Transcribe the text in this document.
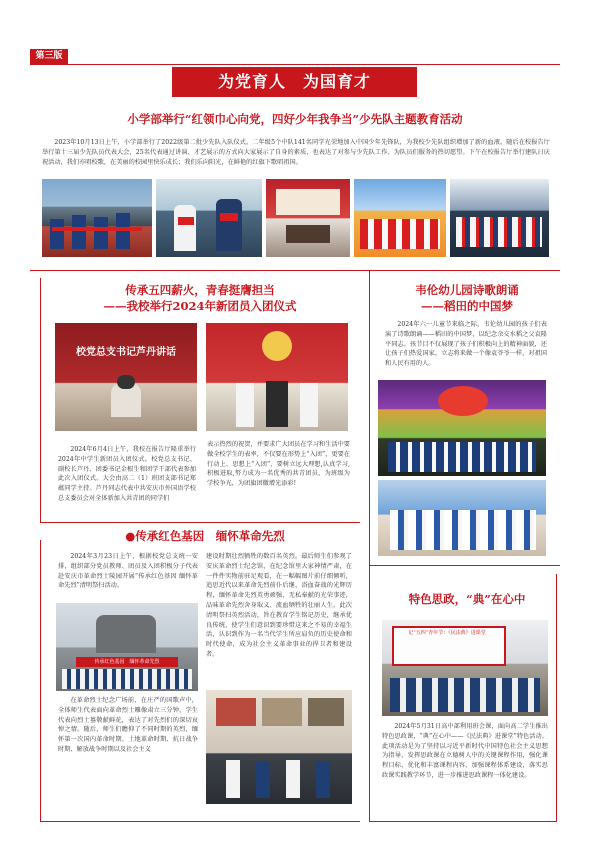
第三版
为党育人　为国育才
小学部举行“红领巾心向党，四好少年我争当”少先队主题教育活动

2023年10月13日上午，小学部举行了2022级第二批少先队入队仪式。二年级5个中队141名同学光荣地加入中国少年先锋队，为我校少先队组织增加了新的血液。随后在校报告厅举行第十三届少先队员代表大会，25名代表通过讲演、才艺展示的方式向大家展示了自身的素质，也表达了对参与少先队工作、为队员们服务的热切愿望。下午在校报告厅举行建队日庆祝活动，我们亦唱校歌，在美丽的校园里快乐成长；我们乐向阳光，在鲜艳的红旗下歌唱祖国。

传承五四薪火，青春挺膺担当
——我校举行2024年新团员入团仪式
校党总支书记芦丹讲话

2024年6月4日上午，我校在报告厅隆重举行2024年中学生新团员入团仪式。校党总支书记、副校长芦丹、团委书记金根生和团学干部代表参加此次入团仪式。大会由高二（1）班团支部书记郑蕴同学主持。芦丹同志代表中共安庆市外国语学校总支委员会对全体新加入共青团的同学们

表示热烈的祝贺，并要求广大团员在学习和生活中要做全校学生的表率，不仅要在形势上“入团”，更要在行动上、思想上“入团”，要树立远大理想,认真学习,积极进取,努力成为一名优秀的共青团员，为班级为学校争光，为团旗团徽增光添彩!

●传承红色基因　缅怀革命先烈

2024年3月23日上午，根据校党总支统一安排，组织部分党员教师、团员及入团积极分子代表赴安庆市革命烈士陵园开展“传承红色基因 缅怀革命先烈”清明祭扫活动。

传承红色基因　缅怀革命先烈

在革命烈士纪念广场前，在庄严的国歌声中，全体师生代表面向革命烈士雕像肃立三分钟，学生代表向烈士墓敬献鲜花，表达了对先烈们的深切哀悼之情。随后，师生们瞻仰了不同时期的英烈，缅怀第一次国内革命时期、土地革命时期、抗日战争时期、解放战争时期以及社会主义

建设时期壮烈牺牲的数百名英烈。最后师生们参观了安庆革命烈士纪念馆，在纪念馆里大家神情严肃，在一件件实物前驻足观看，在一幅幅图片前仔细倾听，追思近代以来革命先烈前仆后继、浴血奋战的光辉历程，缅怀革命先烈英勇顽强、无私奉献的光荣事迹，品味革命先烈舍身取义、流血牺牲的壮丽人生。此次清明祭扫英烈活动，旨在教育学生铭记历史，继承优良传统，使学生们意识到要珍惜这来之不易的幸福生活，认识到作为一名当代学生所应肩负的历史使命和时代使命，成为社会主义革命事业的捍卫者和建设者。

韦伦幼儿园诗歌朗诵
——稻田的中国梦

2024年六一儿童节来临之际，韦伦幼儿园的孩子们表演了诗歌朗诵——稻田的中国梦，以纪念余交水稻之父袁隆平同志。孩节目不仅展现了孩子们积极向上的精神面貌，还让孩子们热爱国家，立志将来做一个像袁爷爷一样，对祖国和人民有用的人。

特色思政，“典”在心中
记“五四”青年节：《民法典》进课堂

2024年5月31日高中部利用班会课，面向高二学生推出特色思政课，“典”在心中——《民法典》进课堂”特色活动。此项活动是为了坚持以习近平新时代中国特色社会主义思想为指导，发挥思政课在立德树人中的关键课程作用，强化课程目标，优化和丰富课程内容，加强课程体系建设，落实思政课实践教学环节，进一步推进思政课程一体化建设。
